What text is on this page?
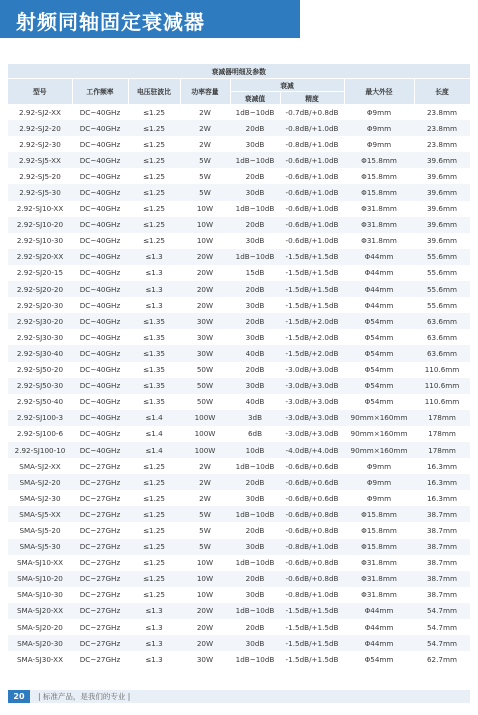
射频同轴固定衰减器
衰减器明细及参数							
型号	工作频率	电压驻波比	功率容量	衰减		最大外径	长度
				衰减值	精度		
2.92-SJ2-XX	DC~40GHz	≤1.25	2W	1dB~10dB	-0.7dB/+0.8dB	Φ9mm	23.8mm
2.92-SJ2-20	DC~40GHz	≤1.25	2W	20dB	-0.8dB/+1.0dB	Φ9mm	23.8mm
2.92-SJ2-30	DC~40GHz	≤1.25	2W	30dB	-0.8dB/+1.0dB	Φ9mm	23.8mm
2.92-SJ5-XX	DC~40GHz	≤1.25	5W	1dB~10dB	-0.6dB/+1.0dB	Φ15.8mm	39.6mm
2.92-SJ5-20	DC~40GHz	≤1.25	5W	20dB	-0.6dB/+1.0dB	Φ15.8mm	39.6mm
2.92-SJ5-30	DC~40GHz	≤1.25	5W	30dB	-0.6dB/+1.0dB	Φ15.8mm	39.6mm
2.92-SJ10-XX	DC~40GHz	≤1.25	10W	1dB~10dB	-0.6dB/+1.0dB	Φ31.8mm	39.6mm
2.92-SJ10-20	DC~40GHz	≤1.25	10W	20dB	-0.6dB/+1.0dB	Φ31.8mm	39.6mm
2.92-SJ10-30	DC~40GHz	≤1.25	10W	30dB	-0.6dB/+1.0dB	Φ31.8mm	39.6mm
2.92-SJ20-XX	DC~40GHz	≤1.3	20W	1dB~10dB	-1.5dB/+1.5dB	Φ44mm	55.6mm
2.92-SJ20-15	DC~40GHz	≤1.3	20W	15dB	-1.5dB/+1.5dB	Φ44mm	55.6mm
2.92-SJ20-20	DC~40GHz	≤1.3	20W	20dB	-1.5dB/+1.5dB	Φ44mm	55.6mm
2.92-SJ20-30	DC~40GHz	≤1.3	20W	30dB	-1.5dB/+1.5dB	Φ44mm	55.6mm
2.92-SJ30-20	DC~40GHz	≤1.35	30W	20dB	-1.5dB/+2.0dB	Φ54mm	63.6mm
2.92-SJ30-30	DC~40GHz	≤1.35	30W	30dB	-1.5dB/+2.0dB	Φ54mm	63.6mm
2.92-SJ30-40	DC~40GHz	≤1.35	30W	40dB	-1.5dB/+2.0dB	Φ54mm	63.6mm
2.92-SJ50-20	DC~40GHz	≤1.35	50W	20dB	-3.0dB/+3.0dB	Φ54mm	110.6mm
2.92-SJ50-30	DC~40GHz	≤1.35	50W	30dB	-3.0dB/+3.0dB	Φ54mm	110.6mm
2.92-SJ50-40	DC~40GHz	≤1.35	50W	40dB	-3.0dB/+3.0dB	Φ54mm	110.6mm
2.92-SJ100-3	DC~40GHz	≤1.4	100W	3dB	-3.0dB/+3.0dB	90mm×160mm	178mm
2.92-SJ100-6	DC~40GHz	≤1.4	100W	6dB	-3.0dB/+3.0dB	90mm×160mm	178mm
2.92-SJ100-10	DC~40GHz	≤1.4	100W	10dB	-4.0dB/+4.0dB	90mm×160mm	178mm
SMA-SJ2-XX	DC~27GHz	≤1.25	2W	1dB~10dB	-0.6dB/+0.6dB	Φ9mm	16.3mm
SMA-SJ2-20	DC~27GHz	≤1.25	2W	20dB	-0.6dB/+0.6dB	Φ9mm	16.3mm
SMA-SJ2-30	DC~27GHz	≤1.25	2W	30dB	-0.6dB/+0.6dB	Φ9mm	16.3mm
SMA-SJ5-XX	DC~27GHz	≤1.25	5W	1dB~10dB	-0.6dB/+0.8dB	Φ15.8mm	38.7mm
SMA-SJ5-20	DC~27GHz	≤1.25	5W	20dB	-0.6dB/+0.8dB	Φ15.8mm	38.7mm
SMA-SJ5-30	DC~27GHz	≤1.25	5W	30dB	-0.8dB/+1.0dB	Φ15.8mm	38.7mm
SMA-SJ10-XX	DC~27GHz	≤1.25	10W	1dB~10dB	-0.6dB/+0.8dB	Φ31.8mm	38.7mm
SMA-SJ10-20	DC~27GHz	≤1.25	10W	20dB	-0.6dB/+0.8dB	Φ31.8mm	38.7mm
SMA-SJ10-30	DC~27GHz	≤1.25	10W	30dB	-0.8dB/+1.0dB	Φ31.8mm	38.7mm
SMA-SJ20-XX	DC~27GHz	≤1.3	20W	1dB~10dB	-1.5dB/+1.5dB	Φ44mm	54.7mm
SMA-SJ20-20	DC~27GHz	≤1.3	20W	20dB	-1.5dB/+1.5dB	Φ44mm	54.7mm
SMA-SJ20-30	DC~27GHz	≤1.3	20W	30dB	-1.5dB/+1.5dB	Φ44mm	54.7mm
SMA-SJ30-XX	DC~27GHz	≤1.3	30W	1dB~10dB	-1.5dB/+1.5dB	Φ54mm	62.7mm
20	| 标准产品，是我们的专业 |
